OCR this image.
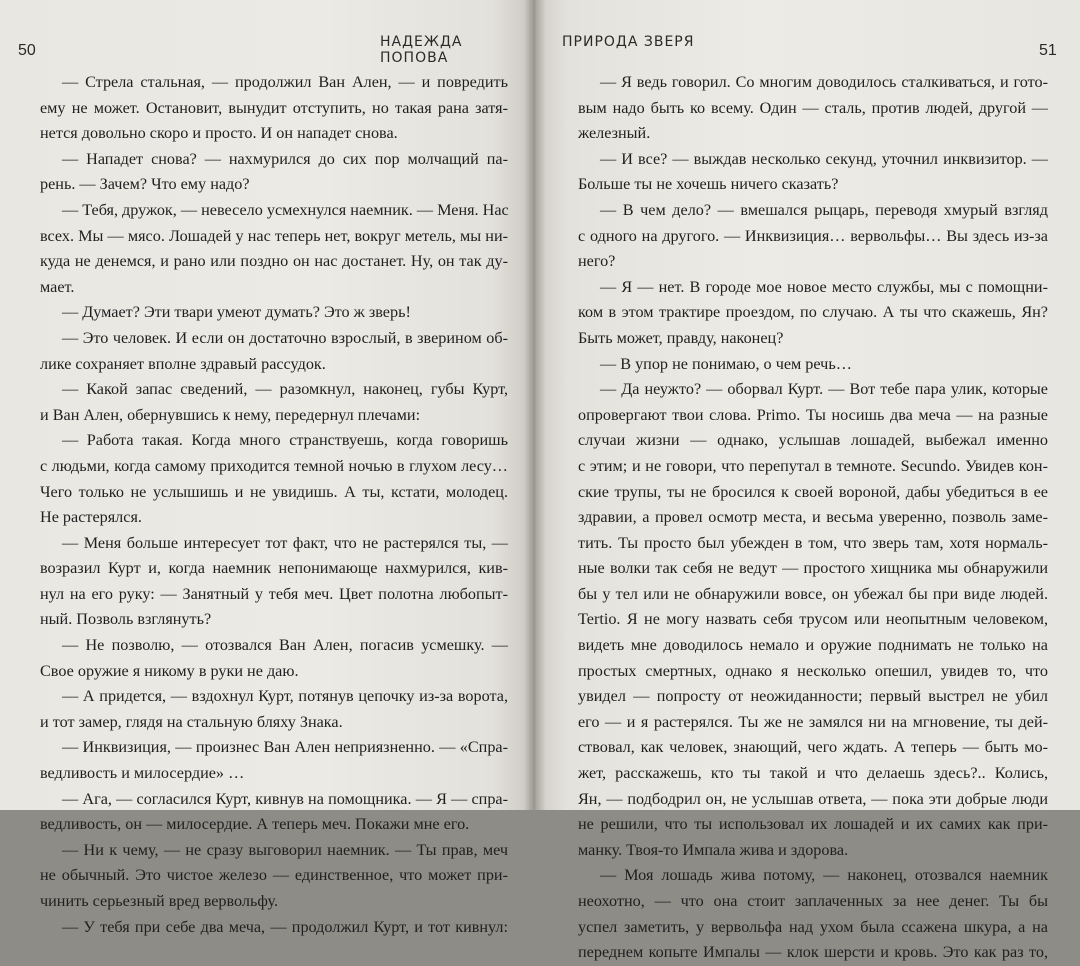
50	НАДЕЖДА ПОПОВА
— Стрела стальная, — продолжил Ван Ален, — и повредить
ему не может. Остановит, вынудит отступить, но такая рана затя-
нется довольно скоро и просто. И он нападет снова.
— Нападет снова? — нахмурился до сих пор молчащий па-
рень. — Зачем? Что ему надо?
— Тебя, дружок, — невесело усмехнулся наемник. — Меня. Нас
всех. Мы — мясо. Лошадей у нас теперь нет, вокруг метель, мы ни-
куда не денемся, и рано или поздно он нас достанет. Ну, он так ду-
мает.
— Думает? Эти твари умеют думать? Это ж зверь!
— Это человек. И если он достаточно взрослый, в зверином об-
лике сохраняет вполне здравый рассудок.
— Какой запас сведений, — разомкнул, наконец, губы Курт,
и Ван Ален, обернувшись к нему, передернул плечами:
— Работа такая. Когда много странствуешь, когда говоришь
с людьми, когда самому приходится темной ночью в глухом лесу…
Чего только не услышишь и не увидишь. А ты, кстати, молодец.
Не растерялся.
— Меня больше интересует тот факт, что не растерялся ты, —
возразил Курт и, когда наемник непонимающе нахмурился, кив-
нул на его руку: — Занятный у тебя меч. Цвет полотна любопыт-
ный. Позволь взглянуть?
— Не позволю, — отозвался Ван Ален, погасив усмешку. —
Свое оружие я никому в руки не даю.
— А придется, — вздохнул Курт, потянув цепочку из-за ворота,
и тот замер, глядя на стальную бляху Знака.
— Инквизиция, — произнес Ван Ален неприязненно. — «Спра-
ведливость и милосердие» …
— Ага, — согласился Курт, кивнув на помощника. — Я — спра-
ведливость, он — милосердие. А теперь меч. Покажи мне его.
— Ни к чему, — не сразу выговорил наемник. — Ты прав, меч
не обычный. Это чистое железо — единственное, что может при-
чинить серьезный вред вервольфу.
— У тебя при себе два меча, — продолжил Курт, и тот кивнул:
ПРИРОДА ЗВЕРЯ	51
— Я ведь говорил. Со многим доводилось сталкиваться, и гото-
вым надо быть ко всему. Один — сталь, против людей, другой —
железный.
— И все? — выждав несколько секунд, уточнил инквизитор. —
Больше ты не хочешь ничего сказать?
— В чем дело? — вмешался рыцарь, переводя хмурый взгляд
с одного на другого. — Инквизиция… вервольфы… Вы здесь из-за
него?
— Я — нет. В городе мое новое место службы, мы с помощни-
ком в этом трактире проездом, по случаю. А ты что скажешь, Ян?
Быть может, правду, наконец?
— В упор не понимаю, о чем речь…
— Да неужто? — оборвал Курт. — Вот тебе пара улик, которые
опровергают твои слова. Primo. Ты носишь два меча — на разные
случаи жизни — однако, услышав лошадей, выбежал именно
с этим; и не говори, что перепутал в темноте. Secundo. Увидев кон-
ские трупы, ты не бросился к своей вороной, дабы убедиться в ее
здравии, а провел осмотр места, и весьма уверенно, позволь заме-
тить. Ты просто был убежден в том, что зверь там, хотя нормаль-
ные волки так себя не ведут — простого хищника мы обнаружили
бы у тел или не обнаружили вовсе, он убежал бы при виде людей.
Tertio. Я не могу назвать себя трусом или неопытным человеком,
видеть мне доводилось немало и оружие поднимать не только на
простых смертных, однако я несколько опешил, увидев то, что
увидел — попросту от неожиданности; первый выстрел не убил
его — и я растерялся. Ты же не замялся ни на мгновение, ты дей-
ствовал, как человек, знающий, чего ждать. А теперь — быть мо-
жет, расскажешь, кто ты такой и что делаешь здесь?.. Колись,
Ян, — подбодрил он, не услышав ответа, — пока эти добрые люди
не решили, что ты использовал их лошадей и их самих как при-
манку. Твоя-то Импала жива и здорова.
— Моя лошадь жива потому, — наконец, отозвался наемник
неохотно, — что она стоит заплаченных за нее денег. Ты бы
успел заметить, у вервольфа над ухом была ссажена шкура, а на
переднем копыте Импалы — клок шерсти и кровь. Это как раз то,
